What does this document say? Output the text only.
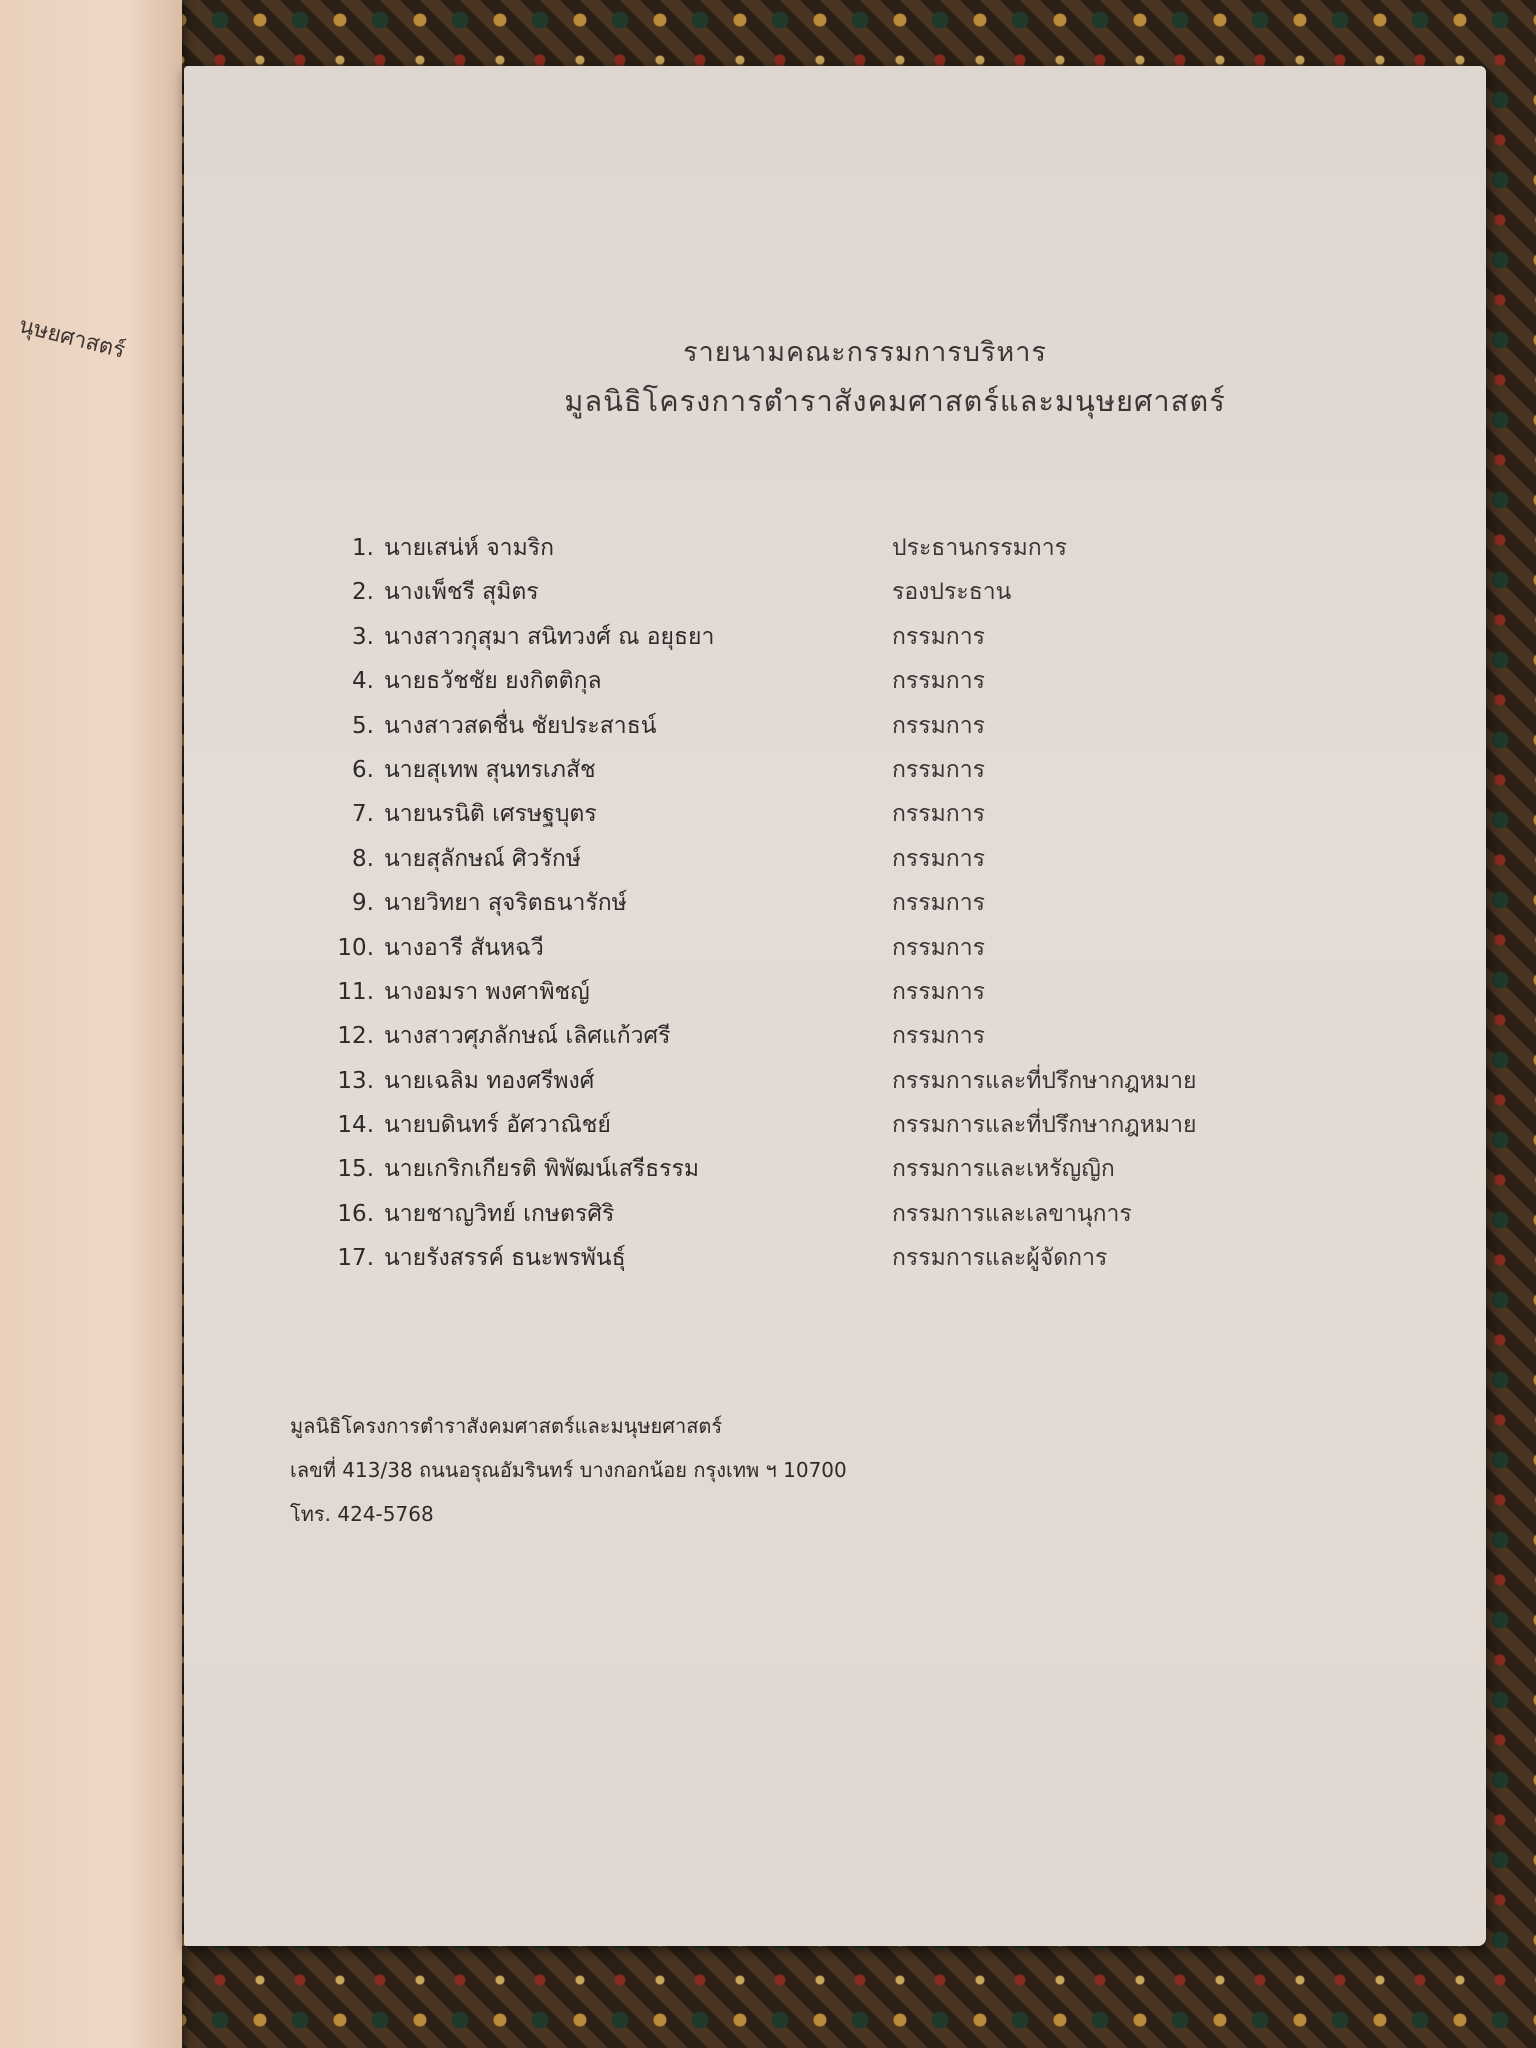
นุษยศาสตร์	รายนามคณะกรรมการบริหาร
มูลนิธิโครงการตำราสังคมศาสตร์และมนุษยศาสตร์
1. นายเสน่ห์ จามริก	ประธานกรรมการ
2. นางเพ็ชรี สุมิตร	รองประธาน
3. นางสาวกุสุมา สนิทวงศ์ ณ อยุธยา	กรรมการ
4. นายธวัชชัย ยงกิตติกุล	กรรมการ
5. นางสาวสดชื่น ชัยประสาธน์	กรรมการ
6. นายสุเทพ สุนทรเภสัช	กรรมการ
7. นายนรนิติ เศรษฐบุตร	กรรมการ
8. นายสุลักษณ์ ศิวรักษ์	กรรมการ
9. นายวิทยา สุจริตธนารักษ์	กรรมการ
10. นางอารี สันหฉวี	กรรมการ
11. นางอมรา พงศาพิชญ์	กรรมการ
12. นางสาวศุภลักษณ์ เลิศแก้วศรี	กรรมการ
13. นายเฉลิม ทองศรีพงศ์	กรรมการและที่ปรึกษากฎหมาย
14. นายบดินทร์ อัศวาณิชย์	กรรมการและที่ปรึกษากฎหมาย
15. นายเกริกเกียรติ พิพัฒน์เสรีธรรม	กรรมการและเหรัญญิก
16. นายชาญวิทย์ เกษตรศิริ	กรรมการและเลขานุการ
17. นายรังสรรค์ ธนะพรพันธุ์	กรรมการและผู้จัดการ
มูลนิธิโครงการตำราสังคมศาสตร์และมนุษยศาสตร์
เลขที่ 413/38 ถนนอรุณอัมรินทร์ บางกอกน้อย กรุงเทพ ฯ 10700
โทร. 424-5768
